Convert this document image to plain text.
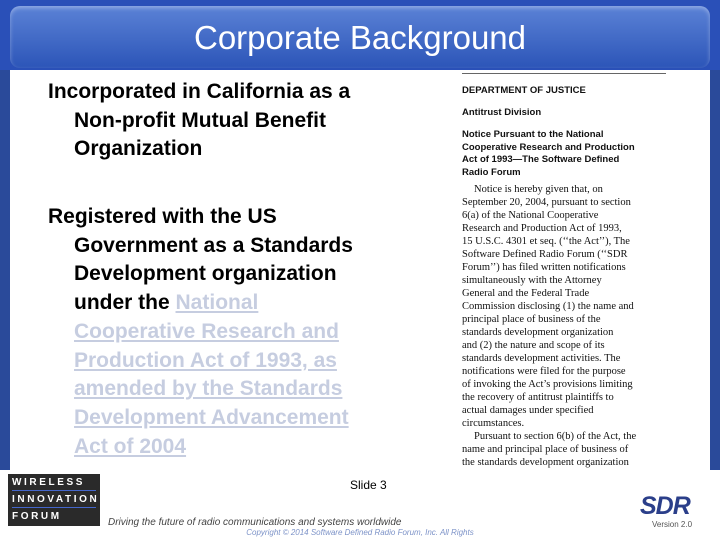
Corporate Background
Incorporated in California as a
Non-profit Mutual Benefit
Organization
Registered with the US
Government as a Standards
Development organization
under the National
Cooperative Research and
Production Act of 1993, as
amended by the Standards
Development Advancement
Act of 2004
DEPARTMENT OF JUSTICE
Antitrust Division
Notice Pursuant to the National
Cooperative Research and Production
Act of 1993—The Software Defined
Radio Forum
Notice is hereby given that, on
September 20, 2004, pursuant to section
6(a) of the National Cooperative
Research and Production Act of 1993,
15 U.S.C. 4301 et seq. (‘‘the Act’’), The
Software Defined Radio Forum (‘‘SDR
Forum’’) has filed written notifications
simultaneously with the Attorney
General and the Federal Trade
Commission disclosing (1) the name and
principal place of business of the
standards development organization
and (2) the nature and scope of its
standards development activities. The
notifications were filed for the purpose
of invoking the Act’s provisions limiting
the recovery of antitrust plaintiffs to
actual damages under specified
circumstances.
Pursuant to section 6(b) of the Act, the
name and principal place of business of
the standards development organization
WIRELESS
INNOVATION
FORUM
Driving the future of radio communications and systems worldwide
Slide 3
Copyright © 2014 Software Defined Radio Forum, Inc. All Rights
SDR
Version 2.0
